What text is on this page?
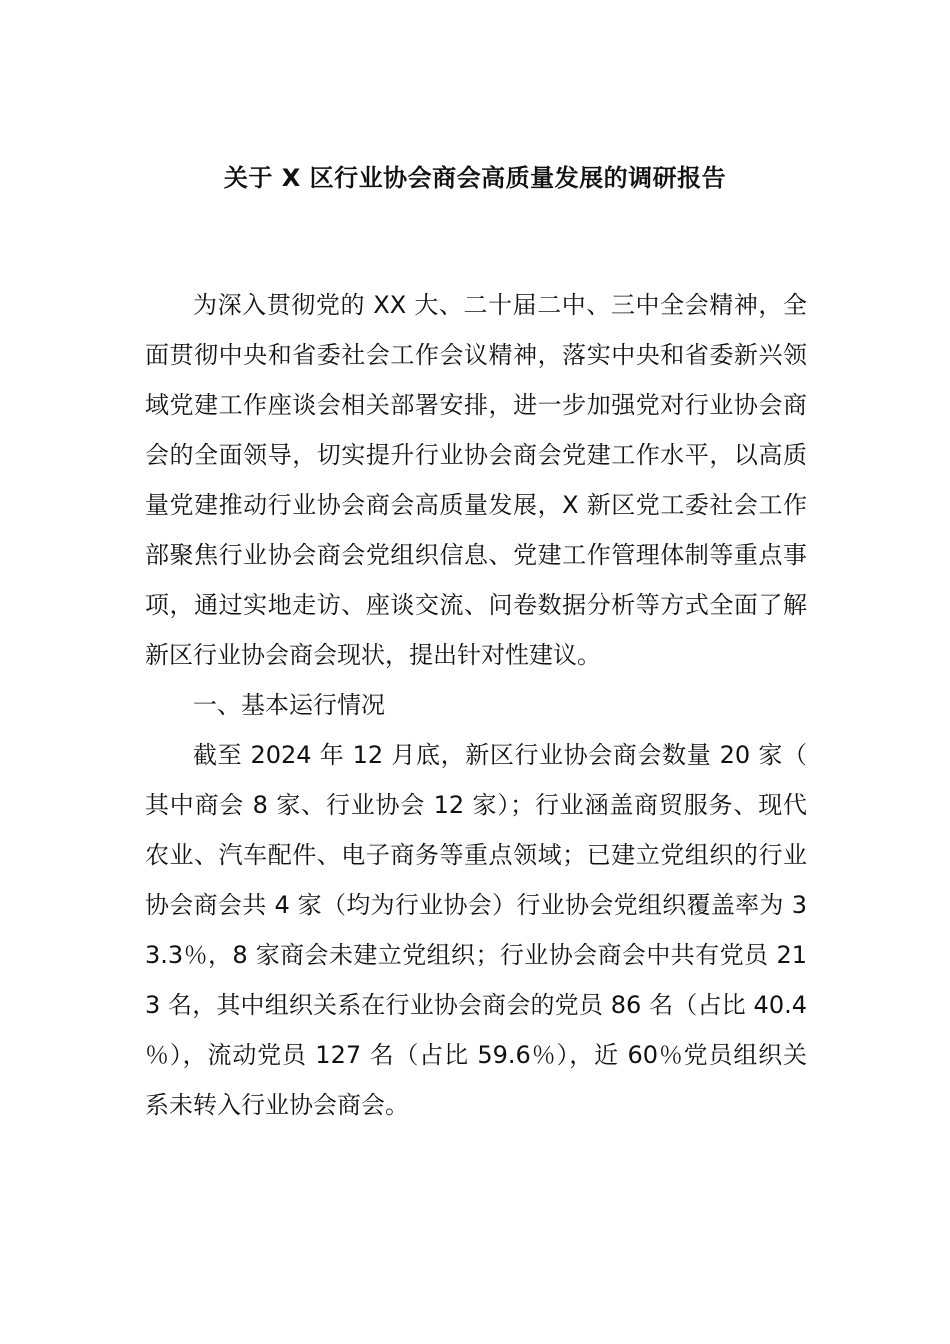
关于 X 区行业协会商会高质量发展的调研报告

为深入贯彻党的 XX 大、二十届二中、三中全会精神，全面贯彻中央和省委社会工作会议精神，落实中央和省委新兴领域党建工作座谈会相关部署安排，进一步加强党对行业协会商会的全面领导，切实提升行业协会商会党建工作水平，以高质量党建推动行业协会商会高质量发展，X 新区党工委社会工作部聚焦行业协会商会党组织信息、党建工作管理体制等重点事项，通过实地走访、座谈交流、问卷数据分析等方式全面了解新区行业协会商会现状，提出针对性建议。

一、基本运行情况

截至 2024 年 12 月底，新区行业协会商会数量 20 家（其中商会 8 家、行业协会 12 家）；行业涵盖商贸服务、现代农业、汽车配件、电子商务等重点领域；已建立党组织的行业协会商会共 4 家（均为行业协会）行业协会党组织覆盖率为 33.3％，8 家商会未建立党组织；行业协会商会中共有党员 213 名，其中组织关系在行业协会商会的党员 86 名（占比 40.4％），流动党员 127 名（占比 59.6％），近 60％党员组织关系未转入行业协会商会。
